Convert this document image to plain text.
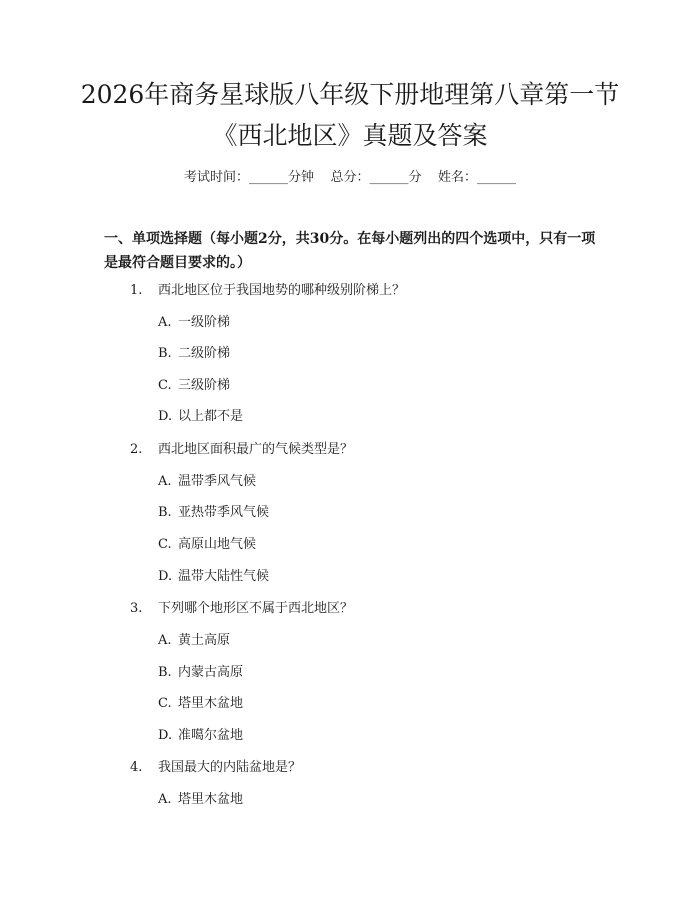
2026年商务星球版八年级下册地理第八章第一节《西北地区》真题及答案
考试时间：______分钟    总分：______分    姓名：______

一、单项选择题（每小题2分，共30分。在每小题列出的四个选项中，只有一项是最符合题目要求的。）

1. 西北地区位于我国地势的哪种级别阶梯上？
A. 一级阶梯
B. 二级阶梯
C. 三级阶梯
D. 以上都不是
2. 西北地区面积最广的气候类型是？
A. 温带季风气候
B. 亚热带季风气候
C. 高原山地气候
D. 温带大陆性气候
3. 下列哪个地形区不属于西北地区？
A. 黄土高原
B. 内蒙古高原
C. 塔里木盆地
D. 准噶尔盆地
4. 我国最大的内陆盆地是？
A. 塔里木盆地
